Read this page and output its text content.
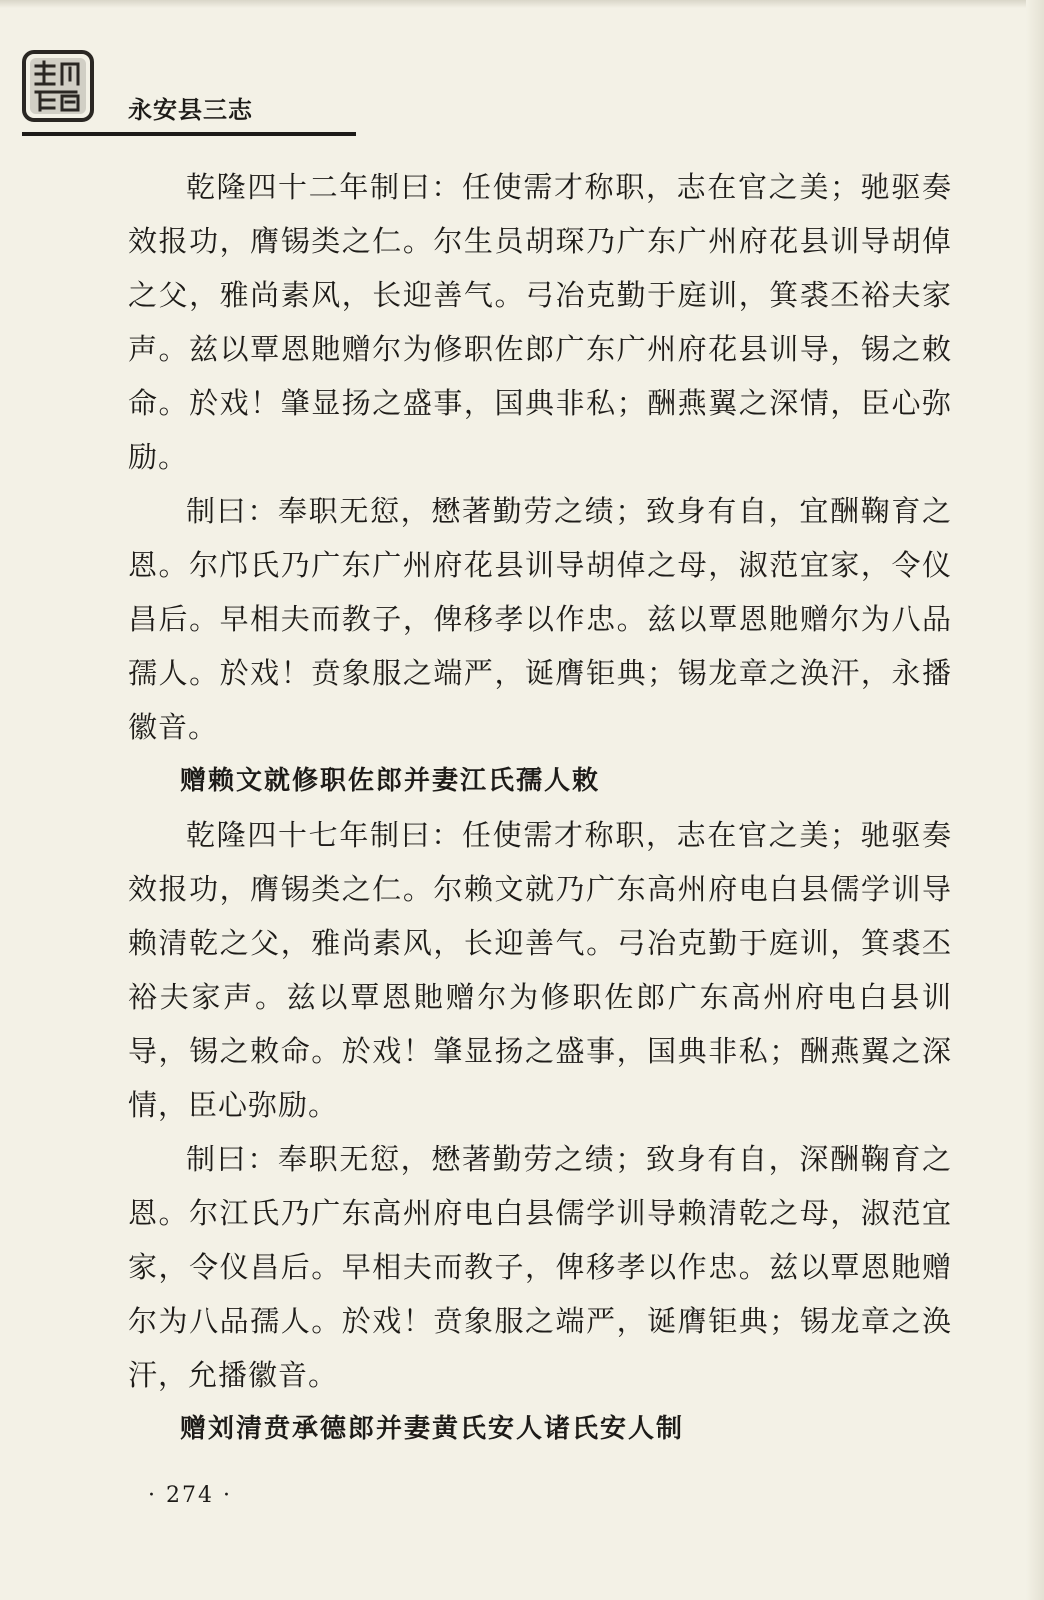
永安县三志

乾隆四十二年制曰：任使需才称职，志在官之美；驰驱奏效报功，膺锡类之仁。尔生员胡琛乃广东广州府花县训导胡倬之父，雅尚素风，长迎善气。弓冶克勤于庭训，箕裘丕裕夫家声。兹以覃恩貤赠尔为修职佐郎广东广州府花县训导，锡之敕命。於戏！肇显扬之盛事，国典非私；酬燕翼之深情，臣心弥励。

制曰：奉职无愆，懋著勤劳之绩；致身有自，宜酬鞠育之恩。尔邝氏乃广东广州府花县训导胡倬之母，淑范宜家，令仪昌后。早相夫而教子，俾移孝以作忠。兹以覃恩貤赠尔为八品孺人。於戏！贲象服之端严，诞膺钜典；锡龙章之涣汗，永播徽音。

赠赖文就修职佐郎并妻江氏孺人敕

乾隆四十七年制曰：任使需才称职，志在官之美；驰驱奏效报功，膺锡类之仁。尔赖文就乃广东高州府电白县儒学训导赖清乾之父，雅尚素风，长迎善气。弓冶克勤于庭训，箕裘丕裕夫家声。兹以覃恩貤赠尔为修职佐郎广东高州府电白县训导，锡之敕命。於戏！肇显扬之盛事，国典非私；酬燕翼之深情，臣心弥励。

制曰：奉职无愆，懋著勤劳之绩；致身有自，深酬鞠育之恩。尔江氏乃广东高州府电白县儒学训导赖清乾之母，淑范宜家，令仪昌后。早相夫而教子，俾移孝以作忠。兹以覃恩貤赠尔为八品孺人。於戏！贲象服之端严，诞膺钜典；锡龙章之涣汗，允播徽音。

赠刘清贲承德郎并妻黄氏安人诸氏安人制
· 274 ·
